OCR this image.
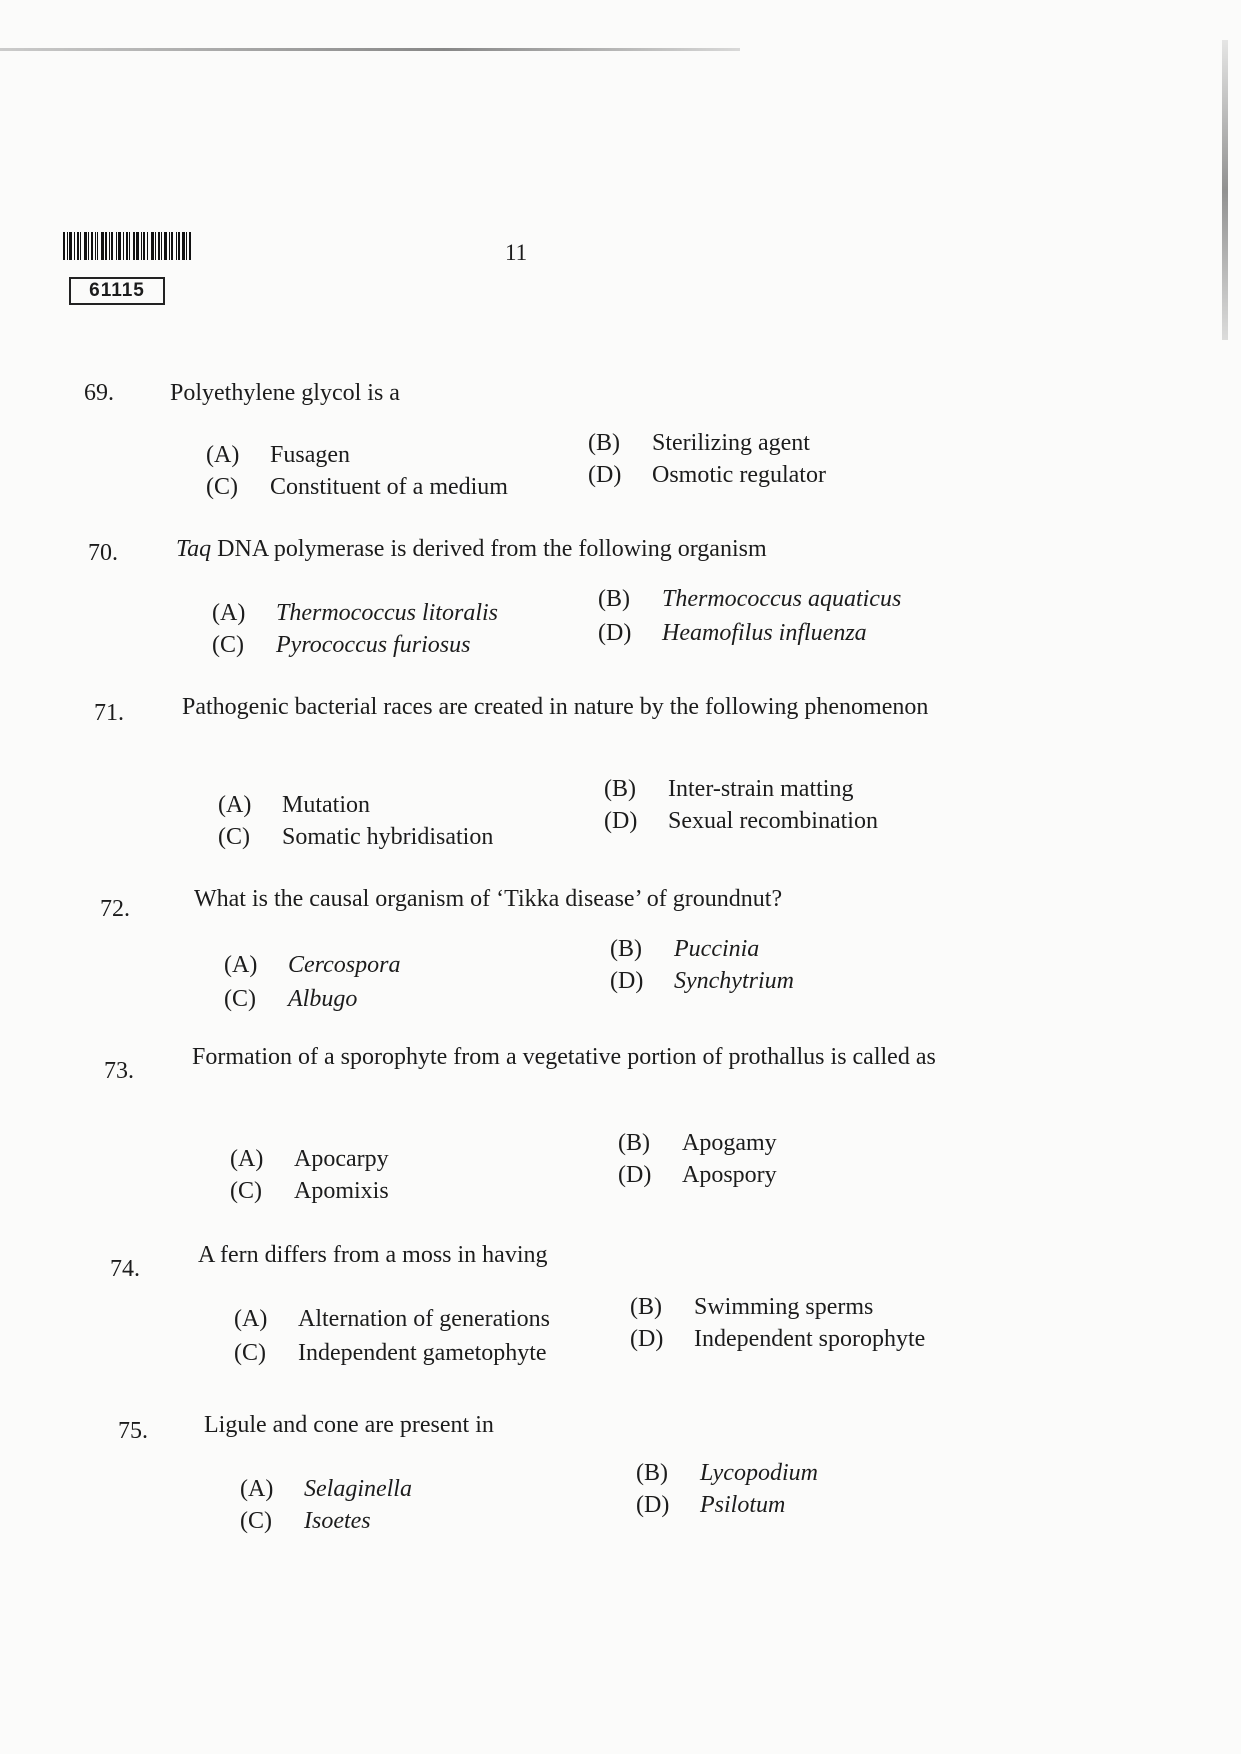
61115
11
69. Polyethylene glycol is a
(A) Fusagen	(B) Sterilizing agent
(C) Constituent of a medium	(D) Osmotic regulator
70. Taq DNA polymerase is derived from the following organism
(A) Thermococcus litoralis
(B) Thermococcus aquaticus
(C) Pyrococcus furiosus	(D) Heamofilus influenza
71. Pathogenic bacterial races are created in nature by the following phenomenon
(A) Mutation
(B) Inter-strain matting
(C) Somatic hybridisation
(D) Sexual recombination
72.	What is the causal organism of ‘Tikka disease’ of groundnut?
(A) Cercospora
(B) Puccinia
(C) Albugo
(D) Synchytrium
73.
Formation of a sporophyte from a vegetative portion of prothallus is called as
(A) Apocarpy
(B) Apogamy
(C) Apomixis
(D) Apospory
74.
A fern differs from a moss in having
(A) Alternation of generations	(B) Swimming sperms
(C) Independent gametophyte
(D) Independent sporophyte
75. Ligule and cone are present in
(A) Selaginella
(B) Lycopodium
(C) Isoetes
(D) Psilotum
